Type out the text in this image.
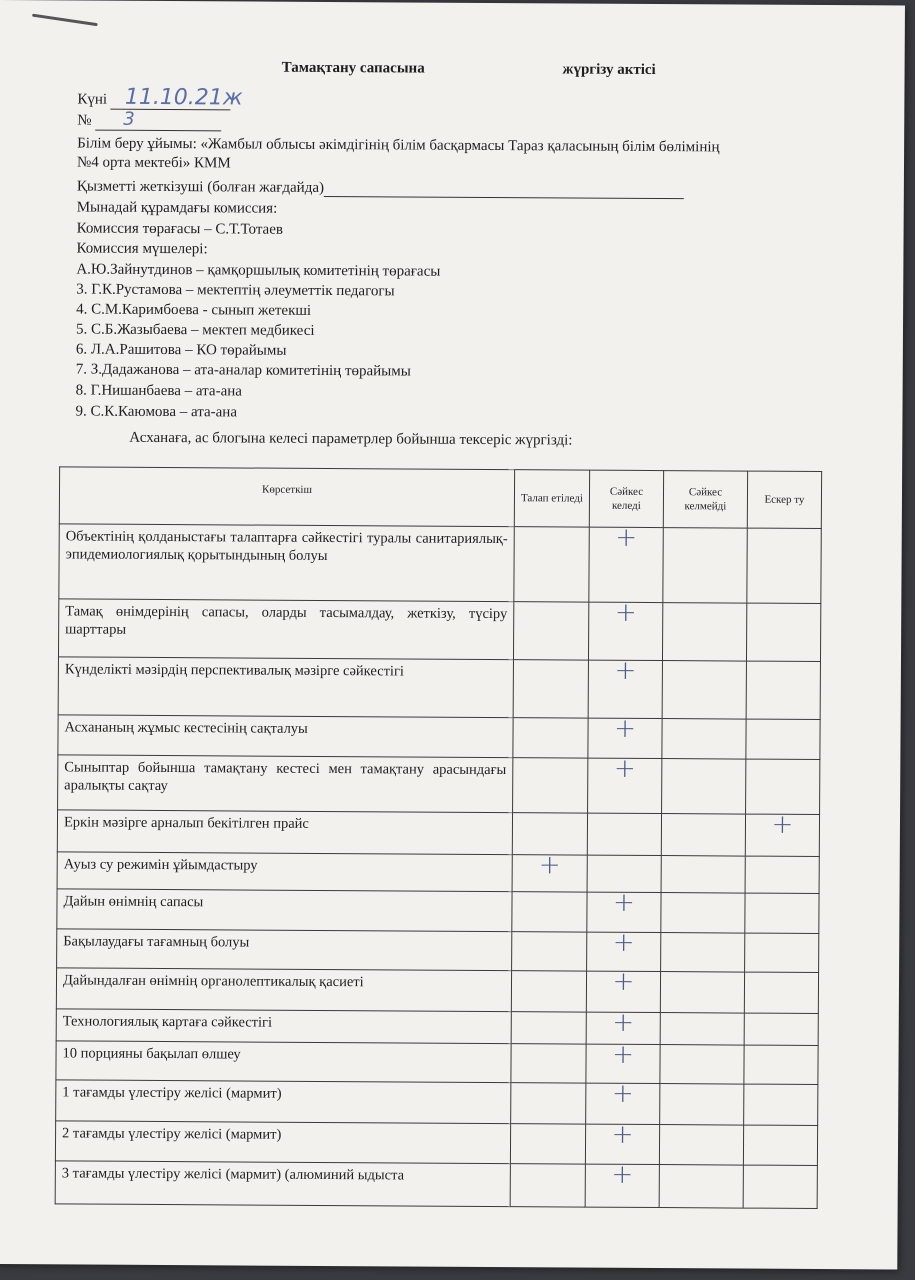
Тамақтану сапасына	жүргізу актісі
Күні 11.10.21ж
№ 3
Білім беру ұйымы: «Жамбыл облысы әкімдігінің білім басқармасы Тараз қаласының білім бөлімінің
№4 орта мектебі» КММ
Қызметті жеткізуші (болған жағдайда)
Мынадай құрамдағы комиссия:
Комиссия төрағасы – С.Т.Тотаев
Комиссия мүшелері:
А.Ю.Зайнутдинов – қамқоршылық комитетінің төрағасы
3. Г.К.Рустамова – мектептің әлеуметтік педагогы
4. С.М.Каримбоева - сынып жетекші
5. С.Б.Жазыбаева – мектеп медбикесі
6. Л.А.Рашитова – КО төрайымы
7. З.Дадажанова – ата-аналар комитетінің төрайымы
8. Г.Нишанбаева – ата-ана
9. С.К.Каюмова – ата-ана
Асханаға, ас блогына келесі параметрлер бойынша тексеріс жүргізді:
Көрсеткіш	Талап етіледі	Сәйкес келеді	Сәйкес келмейді	Ескер ту
Объектінің қолданыстағы талаптарға сәйкестігі туралы санитариялық-эпидемиологиялық қорытындының болуы		+		
Тамақ өнімдерінің сапасы, оларды тасымалдау, жеткізу, түсіру шарттары		+		
Күнделікті мәзірдің перспективалық мәзірге сәйкестігі		+		
Асхананың жұмыс кестесінің сақталуы		+		
Сыныптар бойынша тамақтану кестесі мен тамақтану арасындағы аралықты сақтау		+		
Еркін мәзірге арналып бекітілген прайс				+
Ауыз су режимін ұйымдастыру	+			
Дайын өнімнің сапасы		+		
Бақылаудағы тағамның болуы		+		
Дайындалған өнімнің органолептикалық қасиеті		+		
Технологиялық картаға сәйкестігі		+		
10 порцияны бақылап өлшеу		+		
1 тағамды үлестіру желісі (мармит)		+		
2 тағамды үлестіру желісі (мармит)		+		
3 тағамды үлестіру желісі (мармит) (алюминий ыдыста		+		
